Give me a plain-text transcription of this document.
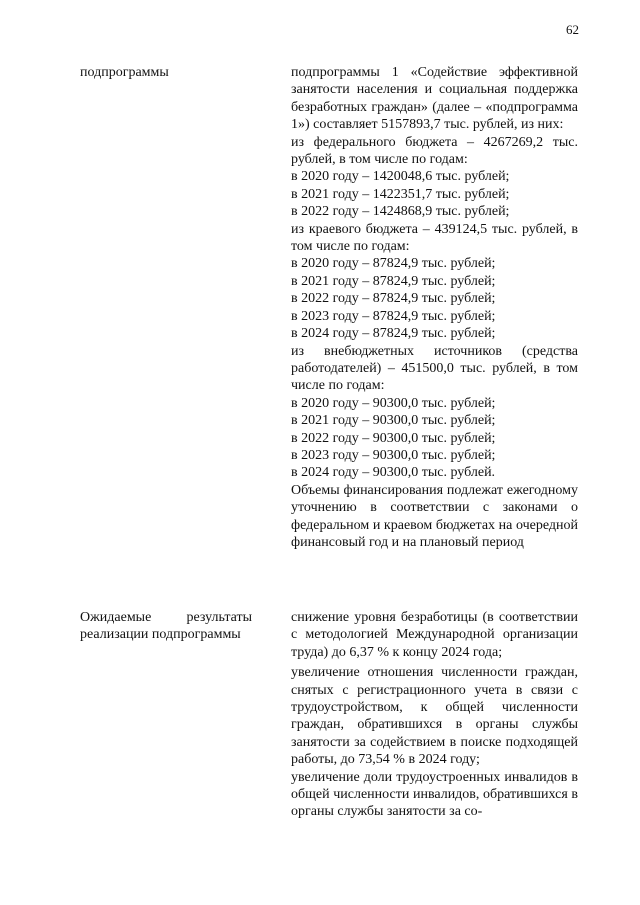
62
подпрограммы	подпрограммы 1 «Содействие эффективной занятости населения и социальная поддержка безработных граждан» (далее – «подпрограмма 1») составляет 5157893,7 тыс. рублей, из них:

из федерального бюджета – 4267269,2 тыс. рублей, в том числе по годам:

в 2020 году – 1420048,6 тыс. рублей;

в 2021 году – 1422351,7 тыс. рублей;

в 2022 году – 1424868,9 тыс. рублей;

из краевого бюджета – 439124,5 тыс. рублей, в том числе по годам:

в 2020 году – 87824,9 тыс. рублей;

в 2021 году – 87824,9 тыс. рублей;

в 2022 году – 87824,9 тыс. рублей;

в 2023 году – 87824,9 тыс. рублей;

в 2024 году – 87824,9 тыс. рублей;

из внебюджетных источников (средства работодателей) – 451500,0 тыс. рублей, в том числе по годам:

в 2020 году – 90300,0 тыс. рублей;

в 2021 году – 90300,0 тыс. рублей;

в 2022 году – 90300,0 тыс. рублей;

в 2023 году – 90300,0 тыс. рублей;

в 2024 году – 90300,0 тыс. рублей.

Объемы финансирования подлежат ежегодному уточнению в соответствии с законами о федеральном и краевом бюджетах на очередной финансовый год и на плановый период

Ожидаемые результаты
реализации подпрограммы

снижение уровня безработицы (в соответствии с методологией Международной организации труда) до 6,37 % к концу 2024 года;

увеличение отношения численности граждан, снятых с регистрационного учета в связи с трудоустройством, к общей численности граждан, обратившихся в органы службы занятости за содействием в поиске подходящей работы, до 73,54 % в 2024 году;

увеличение доли трудоустроенных инвалидов в общей численности инвалидов, обратившихся в органы службы занятости за со-
